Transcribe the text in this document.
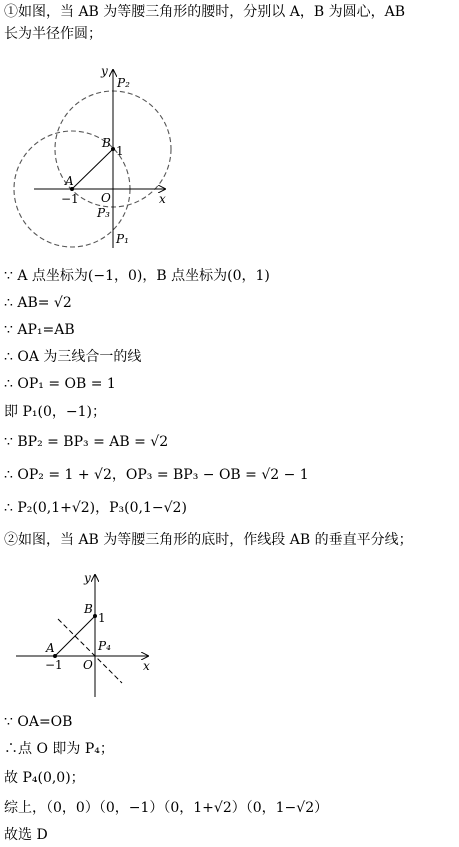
①如图，当 AB 为等腰三角形的腰时，分别以 A，B 为圆心，AB
长为半径作圆；
y
P₂
B
1
A
−1 O	x
P₃
P₁
∵ A 点坐标为(−1，0)，B 点坐标为(0，1)
∴ AB= √2
∵ AP₁=AB
∴ OA 为三线合一的线
∴ OP₁ = OB = 1
即 P₁(0，−1)；
∵ BP₂ = BP₃ = AB = √2
∴ OP₂ = 1 + √2，OP₃ = BP₃ − OB = √2 − 1
∴ P₂(0,1+√2)，P₃(0,1−√2)
②如图，当 AB 为等腰三角形的底时，作线段 AB 的垂直平分线；
y
B
1
A	P₄
−1 O	x
∵ OA=OB
∴点 O 即为 P₄；
故 P₄(0,0)；
综上，（0，0）（0，−1）（0，1+√2）（0，1−√2）
故选 D
